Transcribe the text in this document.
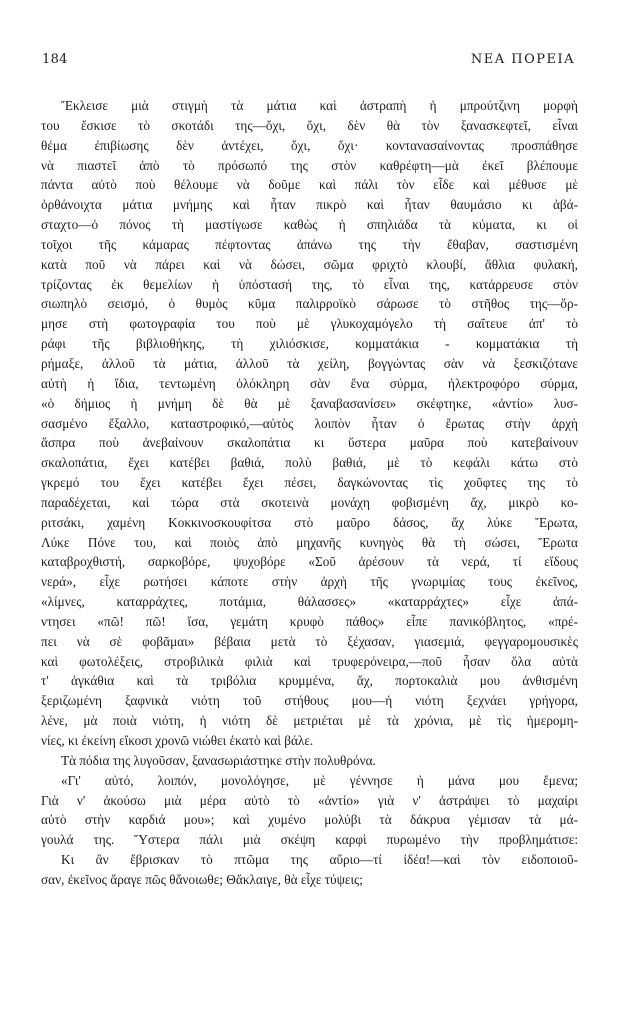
184	ΝΕΑ ΠΟΡΕΙΑ
Ἔκλεισε μιὰ στιγμὴ τὰ μάτια καὶ ἀστραπὴ ἡ μπρούτζινη μορφὴ
του ἔσκισε τὸ σκοτάδι της—ὄχι, ὄχι, δὲν θὰ τὸν ξανασκεφτεῖ, εἶναι
θέμα ἐπιβίωσης δὲν ἀντέχει, ὄχι, ὄχι· κοντανασαίνοντας προσπάθησε
νὰ πιαστεῖ ἀπὸ τὸ πρόσωπό της στὸν καθρέφτη—μὰ ἐκεῖ βλέπουμε
πάντα αὐτὸ ποὺ θέλουμε νὰ δοῦμε καὶ πάλι τὸν εἶδε καὶ μέθυσε μὲ
ὀρθάνοιχτα μάτια μνήμης καὶ ἦταν πικρὸ καὶ ἦταν θαυμάσιο κι ἀβά-
σταχτο—ὁ πόνος τὴ μαστίγωσε καθὼς ἡ σπηλιάδα τὰ κύματα, κι οἱ
τοῖχοι τῆς κάμαρας πέφτοντας ἀπάνω της τὴν ἔθαβαν, σαστισμένη
κατὰ ποῦ νὰ πάρει καὶ νὰ δώσει, σῶμα φριχτὸ κλουβί, ἄθλια φυλακή,
τρίζοντας ἐκ θεμελίων ἡ ὑπόστασή της, τὸ εἶναι της, κατάρρευσε στὸν
σιωπηλὸ σεισμό, ὁ θυμὸς κῦμα παλιρροϊκὸ σάρωσε τὸ στῆθος της—ὅρ-
μησε στὴ φωτογραφία του ποὺ μὲ γλυκοχαμόγελο τὴ σαΐτευε ἀπ' τὸ
ράφι τῆς βιβλιοθήκης, τὴ χιλιόσκισε, κομματάκια - κομματάκια τὴ
ρήμαξε, ἀλλοῦ τὰ μάτια, ἀλλοῦ τὰ χείλη, βογγώντας σὰν νὰ ξεσκιζότανε
αὐτὴ ἡ ἴδια, τεντωμένη ὁλόκληρη σὰν ἕνα σύρμα, ἠλεκτροφόρο σύρμα,
«ὁ δήμιος ἡ μνήμη δὲ θὰ μὲ ξαναβασανίσει» σκέφτηκε, «ἀντίο» λυσ-
σασμένο ἔξαλλο, καταστροφικό,—αὐτὸς λοιπὸν ἦταν ὁ ἔρωτας στὴν ἀρχὴ
ἄσπρα ποὺ ἀνεβαίνουν σκαλοπάτια κι ὕστερα μαῦρα ποὺ κατεβαίνουν
σκαλοπάτια, ἔχει κατέβει βαθιά, πολὺ βαθιά, μὲ τὸ κεφάλι κάτω στὸ
γκρεμό του ἔχει κατέβει ἔχει πέσει, δαγκώνοντας τὶς χοῦφτες της τὸ
παραδέχεται, καὶ τώρα στὰ σκοτεινὰ μονάχη φοβισμένη ἄχ, μικρὸ κο-
ριτσάκι, χαμένη Κοκκινοσκουφίτσα στὸ μαῦρο δάσος, ἄχ λύκε Ἔρωτα,
Λύκε Πόνε του, καὶ ποιὸς ἀπὸ μηχανῆς κυνηγὸς θὰ τὴ σώσει, Ἔρωτα
καταβροχθιστή, σαρκοβόρε, ψυχοβόρε «Σοῦ ἀρέσουν τὰ νερά, τί εἴδους
νερά», εἶχε ρωτήσει κάποτε στὴν ἀρχὴ τῆς γνωριμίας τους ἐκεῖνος,
«λίμνες, καταρράχτες, ποτάμια, θάλασσες» «καταρράχτες» εἶχε ἀπά-
ντησει «πῶ! πῶ! ἴσα, γεμάτη κρυφὸ πάθος» εἶπε πανικόβλητος, «πρέ-
πει νὰ σὲ φοβᾶμαι» βέβαια μετὰ τὸ ξέχασαν, γιασεμιά, φεγγαρομουσικὲς
καὶ φωτολέξεις, στροβιλικὰ φιλιὰ καὶ τρυφερόνειρα,—ποῦ ἦσαν ὅλα αὐτὰ
τ' ἀγκάθια καὶ τὰ τριβόλια κρυμμένα, ἄχ, πορτοκαλιὰ μου ἀνθισμένη
ξεριζωμένη ξαφνικὰ νιότη τοῦ στήθους μου—ἡ νιότη ξεχνάει γρήγορα,
λένε, μὰ ποιὰ νιότη, ἡ νιότη δὲ μετριέται μὲ τὰ χρόνια, μὲ τὶς ἡμερομη-
νίες, κι ἐκείνη εἴκοσι χρονῶ νιώθει ἑκατὸ καὶ βάλε.
Τὰ πόδια της λυγοῦσαν, ξανασωριάστηκε στὴν πολυθρόνα.
«Γι' αὐτό, λοιπόν, μονολόγησε, μὲ γέννησε ἡ μάνα μου ἔμενα;
Γιὰ ν' ἀκούσω μιὰ μέρα αὐτὸ τὸ «ἀντίο» γιὰ ν' ἀστράψει τὸ μαχαίρι
αὐτὸ στὴν καρδιά μου»; καὶ χυμένο μολύβι τὰ δάκρυα γέμισαν τὰ μά-
γουλά της. Ὕστερα πάλι μιὰ σκέψη καρφὶ πυρωμένο τὴν προβλημάτισε:
Κι ἂν ἔβρισκαν τὸ πτῶμα της αὔριο—τί ἰδέα!—καὶ τὸν ειδοποιοῦ-
σαν, ἐκεῖνος ἄραγε πῶς θἄνοιωθε; Θἄκλαιγε, θὰ εἶχε τύψεις;
